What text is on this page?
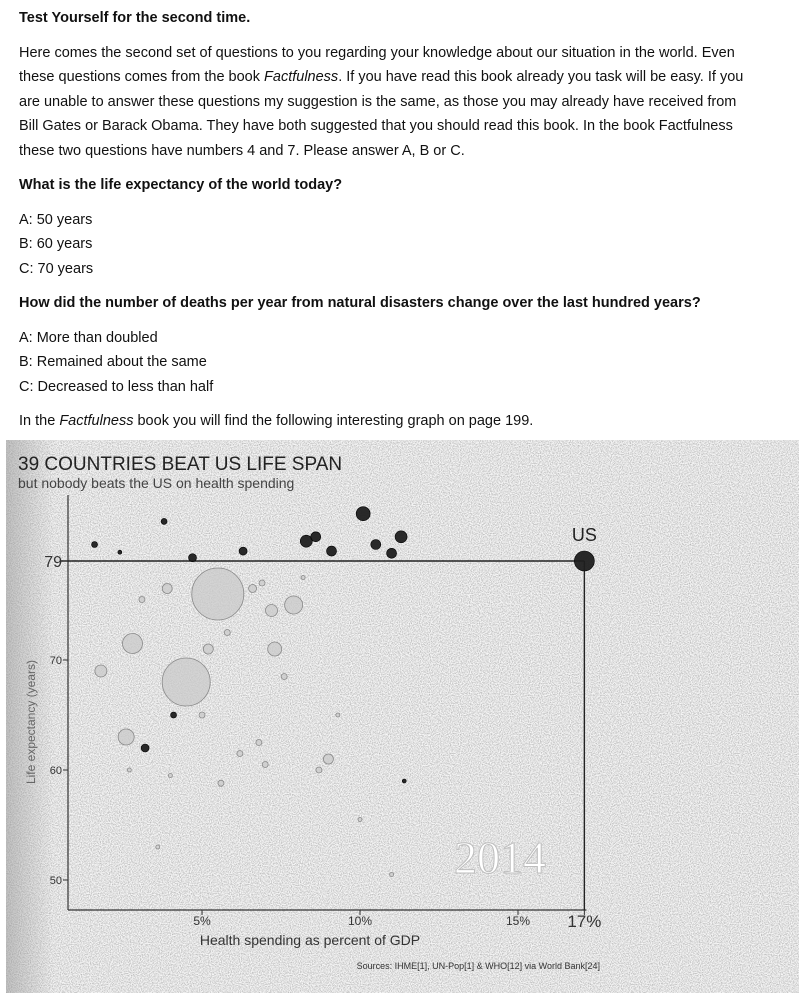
Test Yourself for the second time.

Here comes the second set of questions to you regarding your knowledge about our situation in the world. Even

these questions comes from the book Factfulness. If you have read this book already you task will be easy. If you

are unable to answer these questions my suggestion is the same, as those you may already have received from

Bill Gates or Barack Obama. They have both suggested that you should read this book. In the book Factfulness

these two questions have numbers 4 and 7. Please answer A, B or C.

What is the life expectancy of the world today?

A: 50 years

B: 60 years

C: 70 years

How did the number of deaths per year from natural disasters change over the last hundred years?

A: More than doubled

B: Remained about the same

C: Decreased to less than half

In the Factfulness book you will find the following interesting graph on page 199.

39 COUNTRIES BEAT US LIFE SPAN
but nobody beats the US on health spending
79
70
60
50
5%	10%	15% 17%
US
2014
Health spending as percent of GDP
Life expectancy (years)
Sources: IHME[1], UN-Pop[1] & WHO[12] via World Bank[24]
